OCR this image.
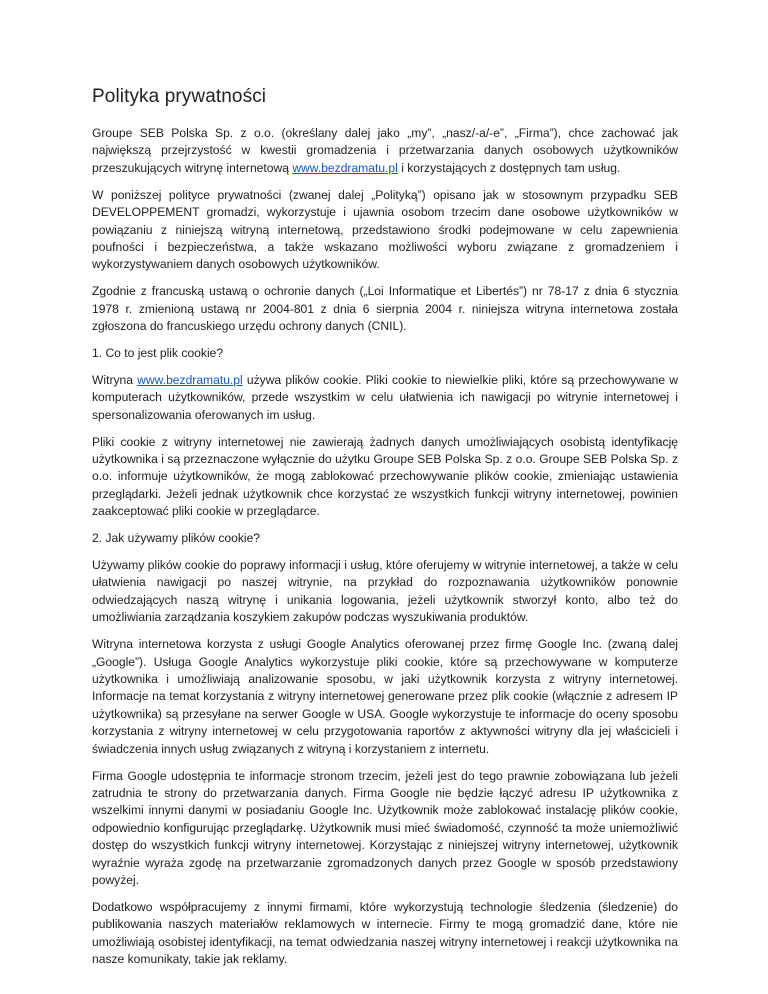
Polityka prywatności

Groupe SEB Polska Sp. z o.o. (określany dalej jako „my”, „nasz/-a/-e”, „Firma”), chce zachować jak największą przejrzystość w kwestii gromadzenia i przetwarzania danych osobowych użytkowników przeszukujących witrynę internetową www.bezdramatu.pl i korzystających z dostępnych tam usług.

W poniższej polityce prywatności (zwanej dalej „Polityką”) opisano jak w stosownym przypadku SEB DEVELOPPEMENT gromadzi, wykorzystuje i ujawnia osobom trzecim dane osobowe użytkowników w powiązaniu z niniejszą witryną internetową, przedstawiono środki podejmowane w celu zapewnienia poufności i bezpieczeństwa, a także wskazano możliwości wyboru związane z gromadzeniem i wykorzystywaniem danych osobowych użytkowników.

Zgodnie z francuską ustawą o ochronie danych („Loi Informatique et Libertés”) nr 78-17 z dnia 6 stycznia 1978 r. zmienioną ustawą nr 2004-801 z dnia 6 sierpnia 2004 r. niniejsza witryna internetowa została zgłoszona do francuskiego urzędu ochrony danych (CNIL).

1. Co to jest plik cookie?

Witryna www.bezdramatu.pl używa plików cookie. Pliki cookie to niewielkie pliki, które są przechowywane w komputerach użytkowników, przede wszystkim w celu ułatwienia ich nawigacji po witrynie internetowej i spersonalizowania oferowanych im usług.

Pliki cookie z witryny internetowej nie zawierają żadnych danych umożliwiających osobistą identyfikację użytkownika i są przeznaczone wyłącznie do użytku Groupe SEB Polska Sp. z o.o. Groupe SEB Polska Sp. z o.o. informuje użytkowników, że mogą zablokować przechowywanie plików cookie, zmieniając ustawienia przeglądarki. Jeżeli jednak użytkownik chce korzystać ze wszystkich funkcji witryny internetowej, powinien zaakceptować pliki cookie w przeglądarce.

2. Jak używamy plików cookie?

Używamy plików cookie do poprawy informacji i usług, które oferujemy w witrynie internetowej, a także w celu ułatwienia nawigacji po naszej witrynie, na przykład do rozpoznawania użytkowników ponownie odwiedzających naszą witrynę i unikania logowania, jeżeli użytkownik stworzył konto, albo też do umożliwiania zarządzania koszykiem zakupów podczas wyszukiwania produktów.

Witryna internetowa korzysta z usługi Google Analytics oferowanej przez firmę Google Inc. (zwaną dalej „Google”). Usługa Google Analytics wykorzystuje pliki cookie, które są przechowywane w komputerze użytkownika i umożliwiają analizowanie sposobu, w jaki użytkownik korzysta z witryny internetowej. Informacje na temat korzystania z witryny internetowej generowane przez plik cookie (włącznie z adresem IP użytkownika) są przesyłane na serwer Google w USA. Google wykorzystuje te informacje do oceny sposobu korzystania z witryny internetowej w celu przygotowania raportów z aktywności witryny dla jej właścicieli i świadczenia innych usług związanych z witryną i korzystaniem z internetu.

Firma Google udostępnia te informacje stronom trzecim, jeżeli jest do tego prawnie zobowiązana lub jeżeli zatrudnia te strony do przetwarzania danych. Firma Google nie będzie łączyć adresu IP użytkownika z wszelkimi innymi danymi w posiadaniu Google Inc. Użytkownik może zablokować instalację plików cookie, odpowiednio konfigurując przeglądarkę. Użytkownik musi mieć świadomość, czynność ta może uniemożliwić dostęp do wszystkich funkcji witryny internetowej. Korzystając z niniejszej witryny internetowej, użytkownik wyraźnie wyraża zgodę na przetwarzanie zgromadzonych danych przez Google w sposób przedstawiony powyżej.

Dodatkowo współpracujemy z innymi firmami, które wykorzystują technologie śledzenia (śledzenie) do publikowania naszych materiałów reklamowych w internecie. Firmy te mogą gromadzić dane, które nie umożliwiają osobistej identyfikacji, na temat odwiedzania naszej witryny internetowej i reakcji użytkownika na nasze komunikaty, takie jak reklamy.
